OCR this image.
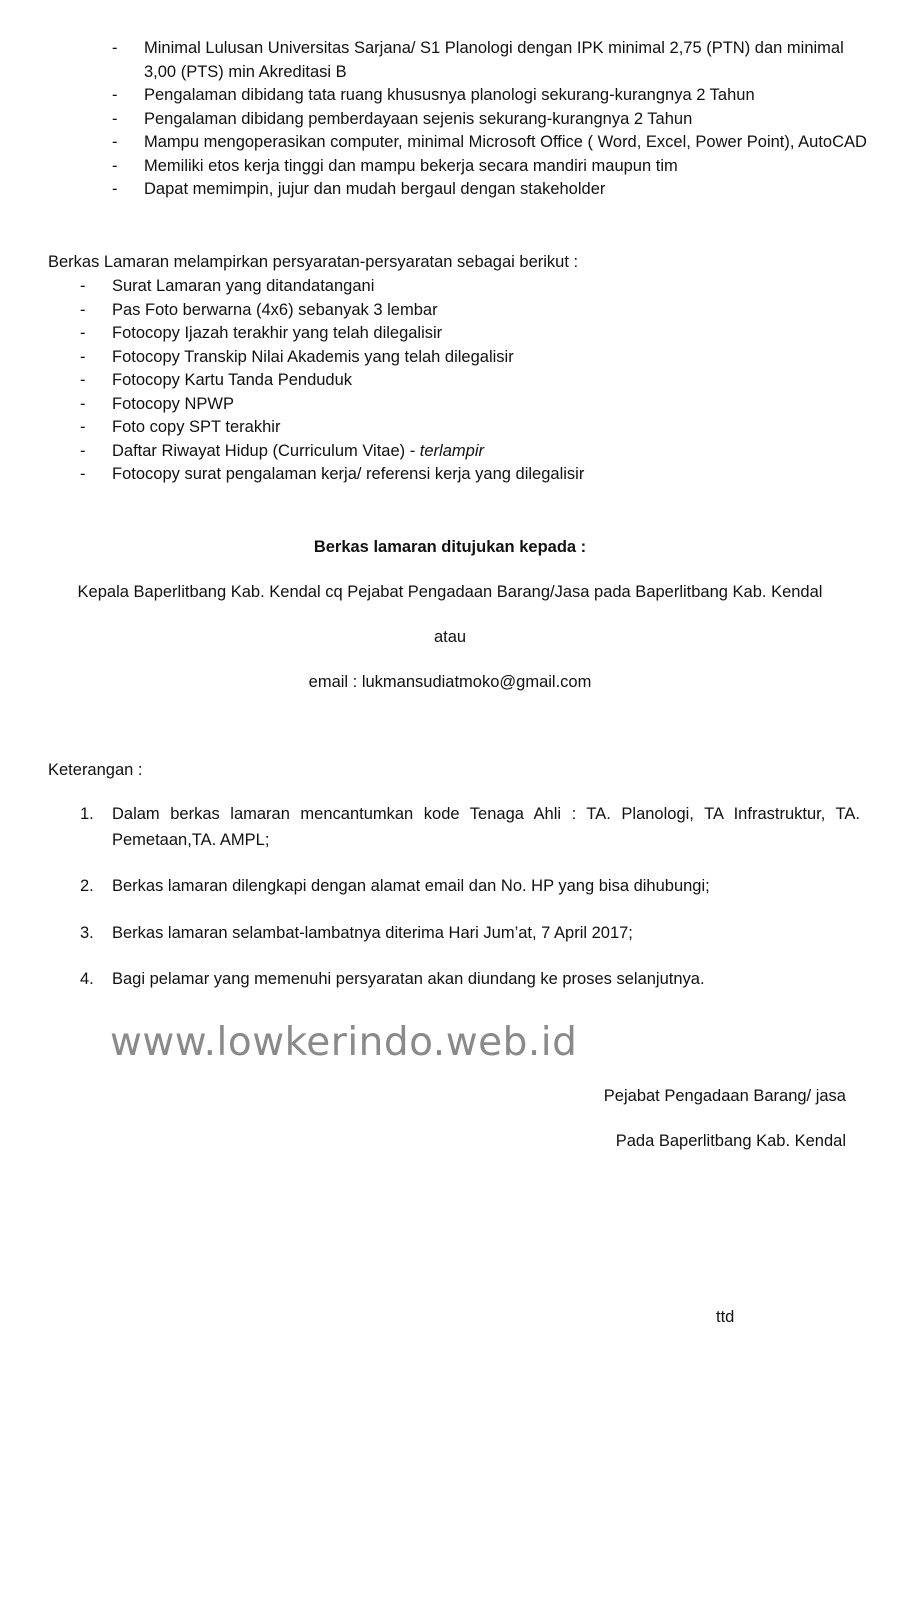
- Minimal Lulusan Universitas Sarjana/ S1 Planologi dengan IPK minimal 2,75 (PTN) dan minimal 3,00 (PTS) min Akreditasi B
- Pengalaman dibidang tata ruang khususnya planologi sekurang-kurangnya 2 Tahun
- Pengalaman dibidang pemberdayaan sejenis sekurang-kurangnya 2 Tahun
- Mampu mengoperasikan computer, minimal Microsoft Office ( Word, Excel, Power Point), AutoCAD
- Memiliki etos kerja tinggi dan mampu bekerja secara mandiri maupun tim
- Dapat memimpin, jujur dan mudah bergaul dengan stakeholder

Berkas Lamaran melampirkan persyaratan-persyaratan sebagai berikut :

- Surat Lamaran yang ditandatangani
- Pas Foto berwarna (4x6) sebanyak 3 lembar
- Fotocopy Ijazah terakhir yang telah dilegalisir
- Fotocopy Transkip Nilai Akademis yang telah dilegalisir
- Fotocopy Kartu Tanda Penduduk
- Fotocopy NPWP
- Foto copy SPT terakhir
- Daftar Riwayat Hidup (Curriculum Vitae) - terlampir
- Fotocopy surat pengalaman kerja/ referensi kerja yang dilegalisir

Berkas lamaran ditujukan kepada :

Kepala Baperlitbang Kab. Kendal cq Pejabat Pengadaan Barang/Jasa pada Baperlitbang Kab. Kendal

atau

email : lukmansudiatmoko@gmail.com

Keterangan :

1. Dalam berkas lamaran mencantumkan kode Tenaga Ahli : TA. Planologi, TA Infrastruktur, TA. Pemetaan,TA. AMPL;
2. Berkas lamaran dilengkapi dengan alamat email dan No. HP yang bisa dihubungi;
3. Berkas lamaran selambat-lambatnya diterima Hari Jum’at, 7 April 2017;
4. Bagi pelamar yang memenuhi persyaratan akan diundang ke proses selanjutnya.

www.lowkerindo.web.id

Pejabat Pengadaan Barang/ jasa

Pada Baperlitbang Kab. Kendal

ttd
